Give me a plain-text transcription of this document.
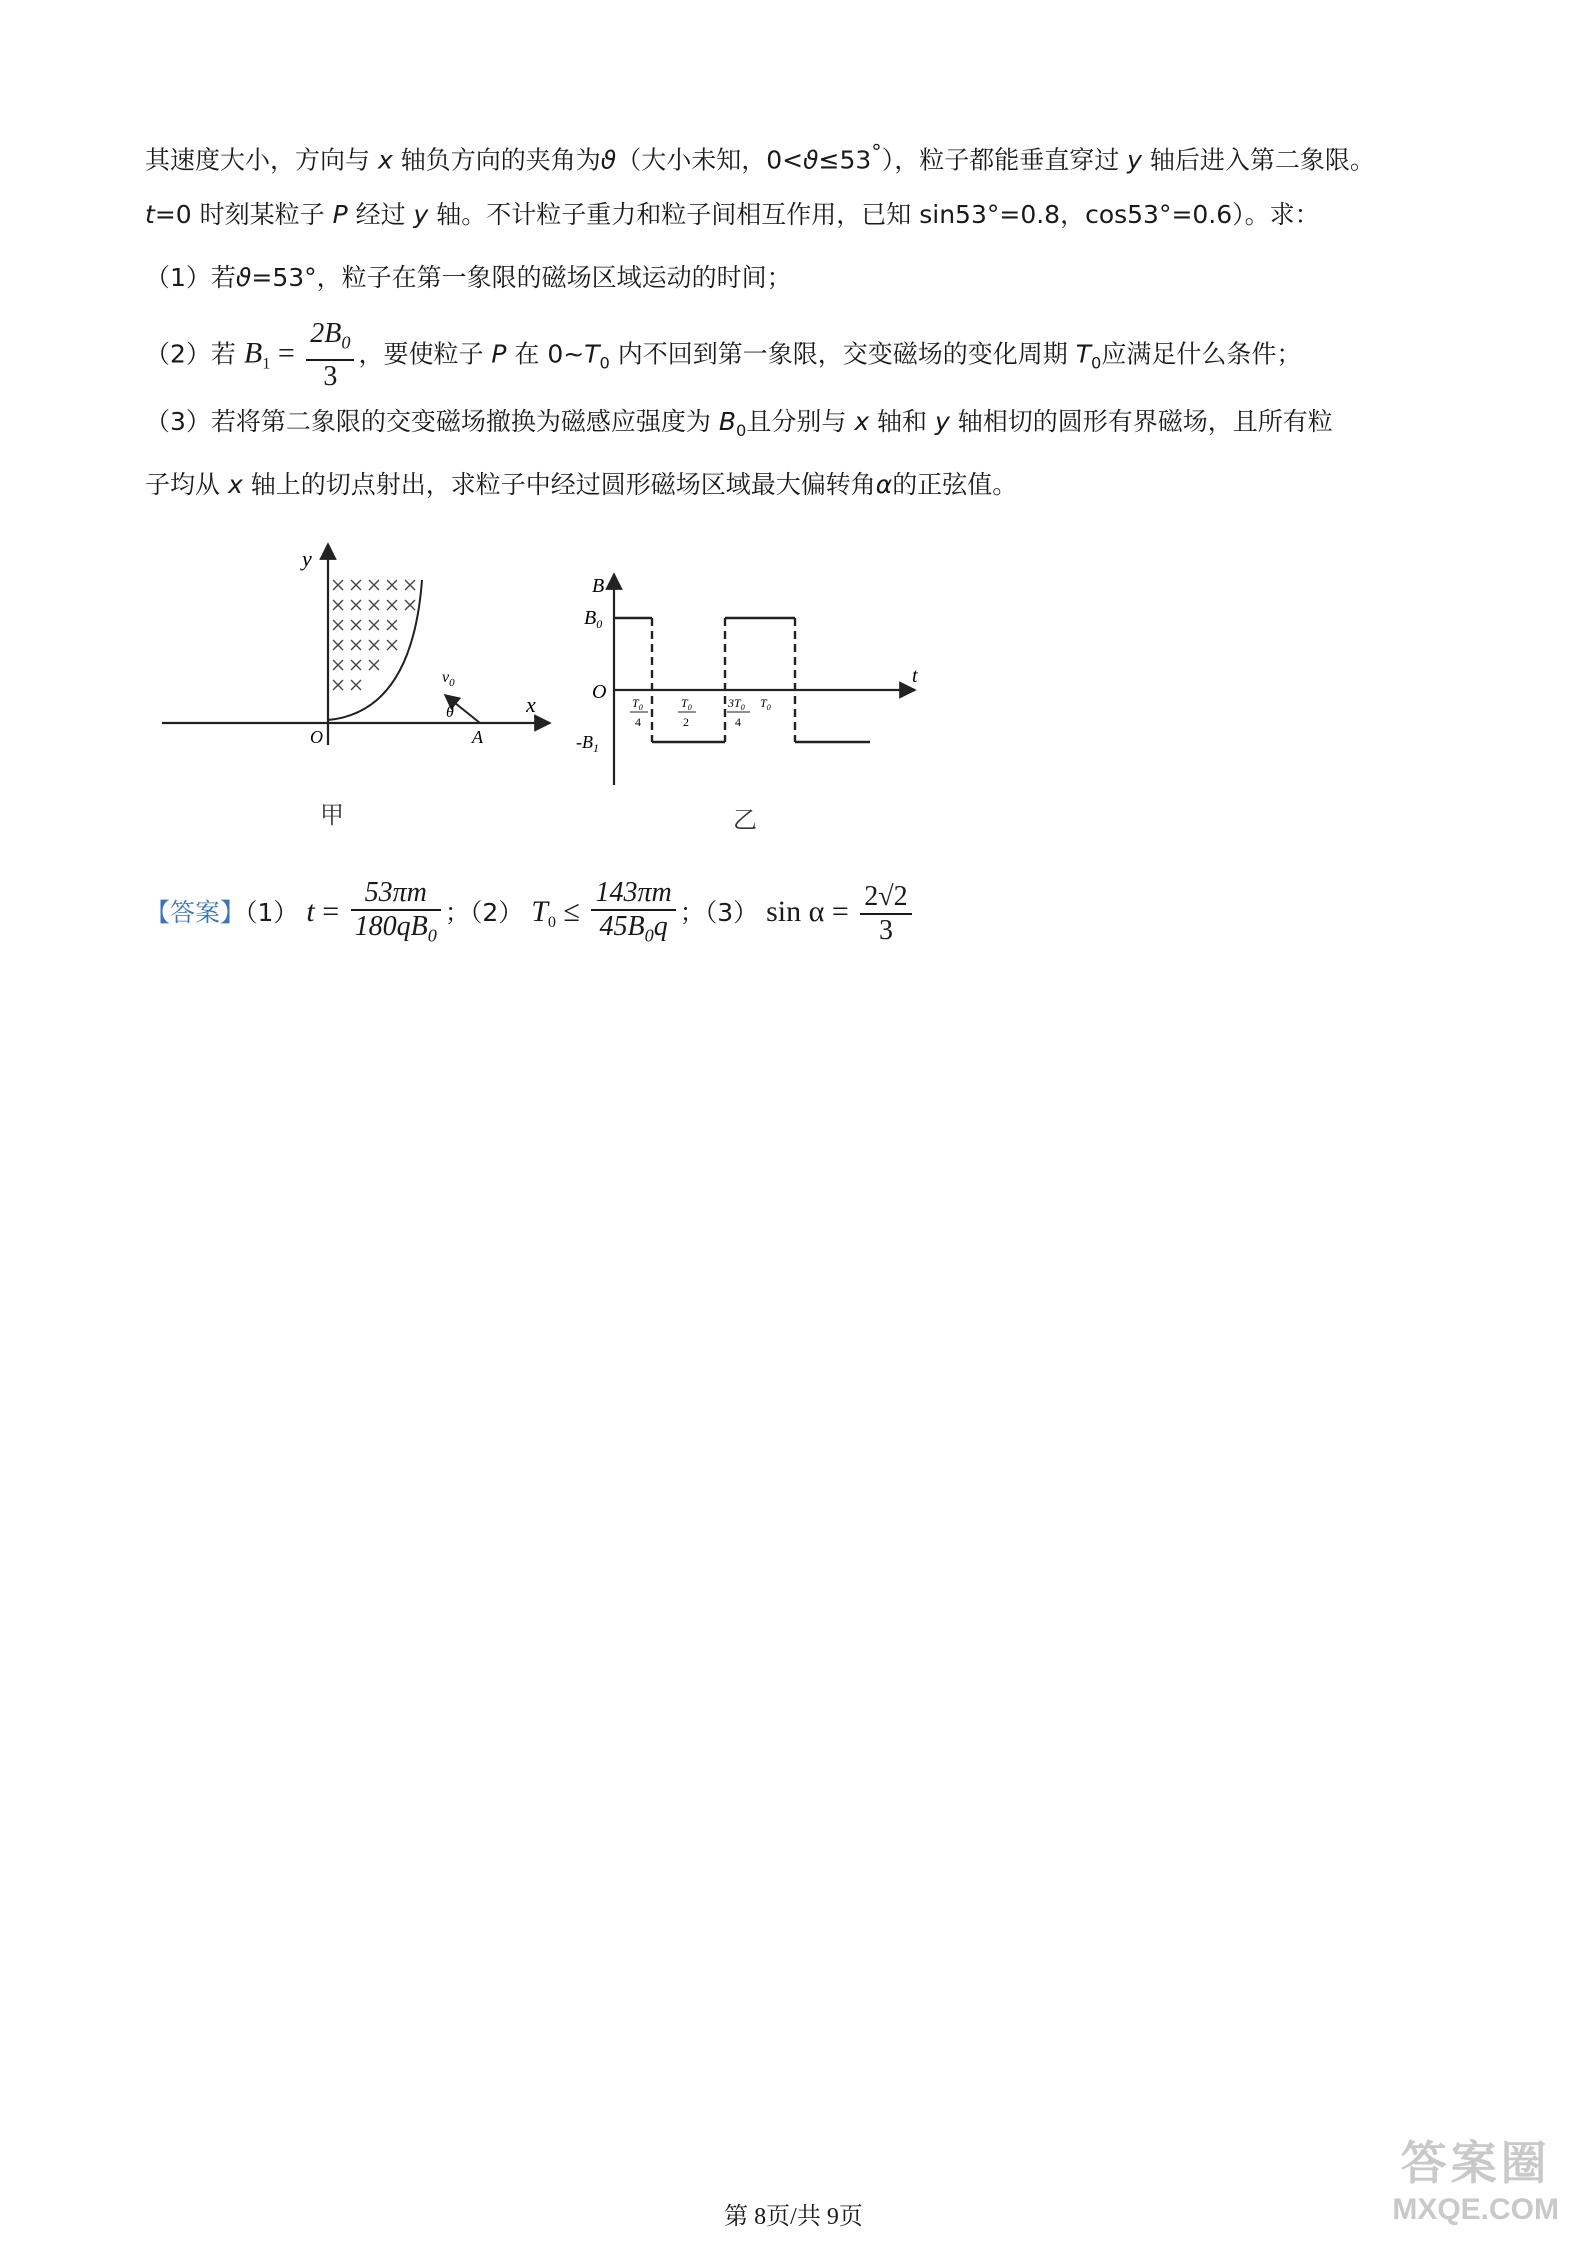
其速度大小，方向与 x 轴负方向的夹角为ϑ（大小未知，0<ϑ≤53°），粒子都能垂直穿过 y 轴后进入第二象限。
t=0 时刻某粒子 P 经过 y 轴。不计粒子重力和粒子间相互作用，已知 sin53°=0.8，cos53°=0.6）。求：
（1）若ϑ=53°，粒子在第一象限的磁场区域运动的时间；
（2）若 $B_1 = \frac{2B_0}{3}$ ，要使粒子 P 在 $0\sim T_0$ 内不回到第一象限，交变磁场的变化周期 $T_0$应满足什么条件；
（3）若将第二象限的交变磁场撤换为磁感应强度为 $B_0$且分别与 x 轴和 y 轴相切的圆形有界磁场，且所有粒
子均从 x 轴上的切点射出，求粒子中经过圆形磁场区域最大偏转角α的正弦值。
y
x
O	A
$v_0$
θ
甲
B
$B_0$
O
t
$-B_1$
$T_0$
4
$T_0$
2
$3T_0$
4
$T_0$
乙
【答案】（1） $t = \frac{53\pi m}{180qB_0}$ ；（2） $T_0 \le \frac{143\pi m}{45B_0q}$ ；（3） $\sin \alpha = \frac{2√2}{3}$
第 8页/共 9页
答案圈
MXQE.COM
